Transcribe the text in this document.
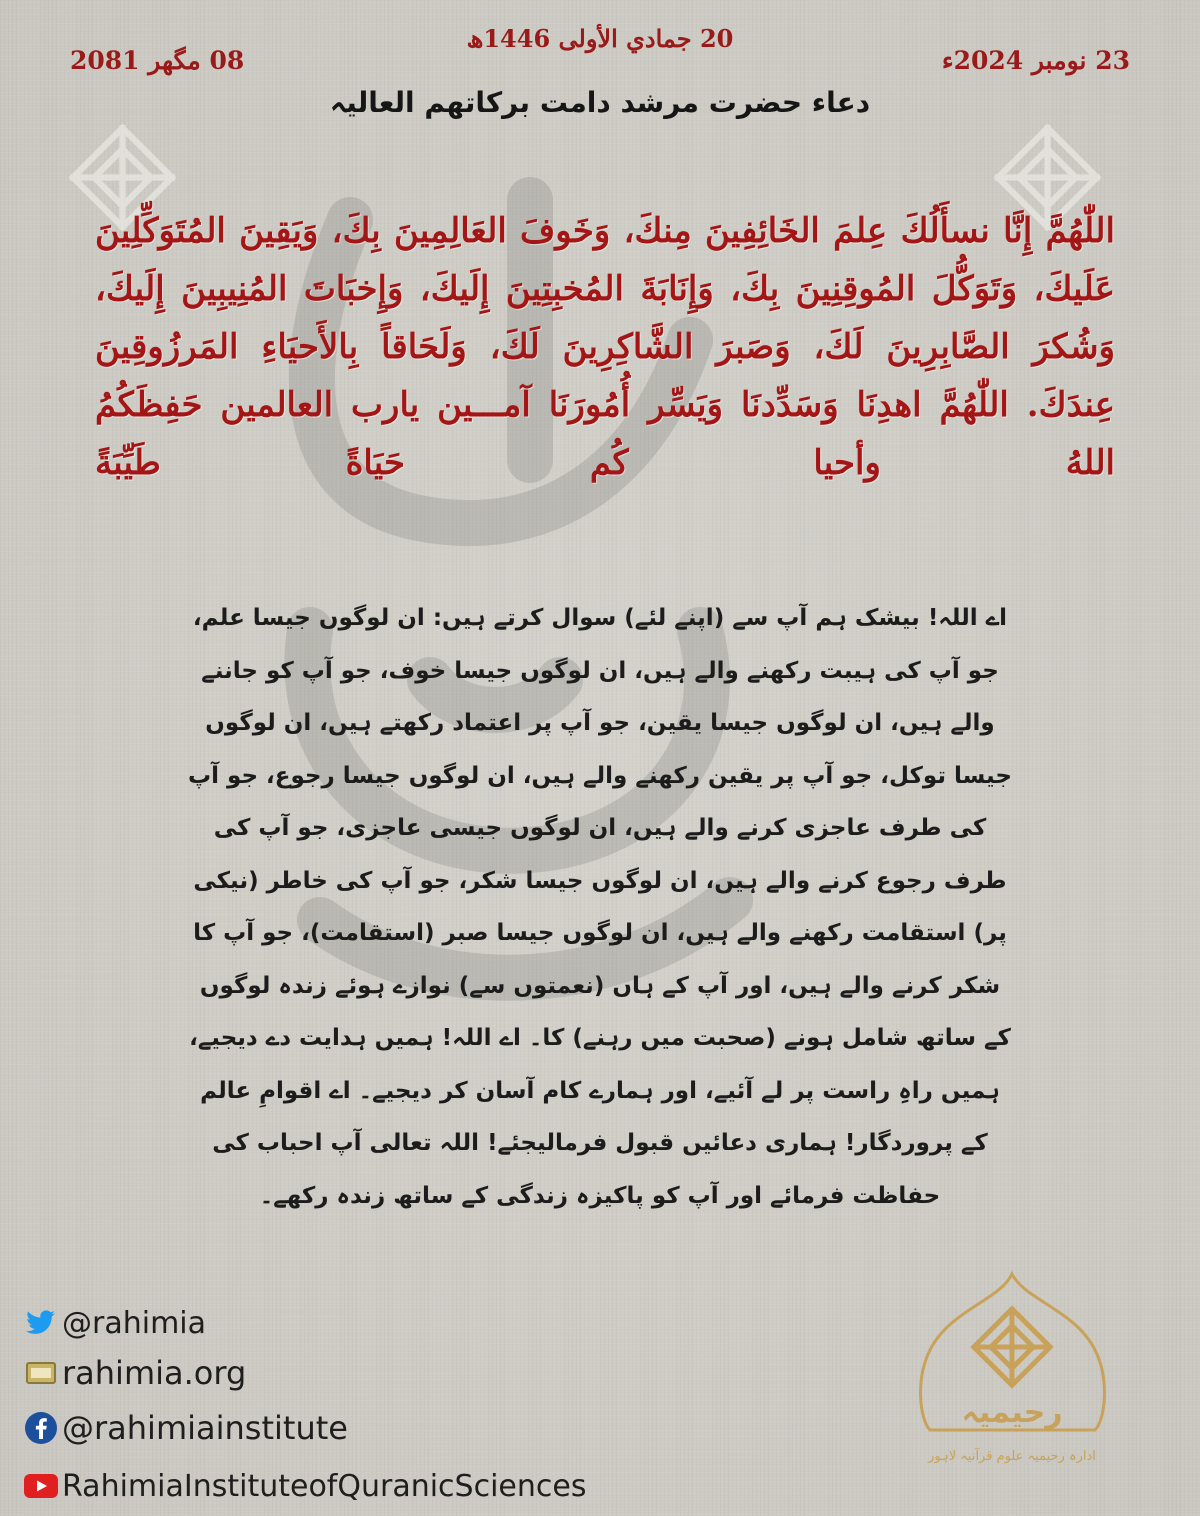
20 جمادي الأولى 1446ھ
23 نومبر 2024ء
08 مگھر 2081
دعاء حضرت مرشد دامت برکاتھم العالیہ
اللّٰهُمَّ إِنَّا نسأَلُكَ عِلمَ الخَائِفِينَ مِنكَ، وَخَوفَ العَالِمِينَ بِكَ، وَيَقِينَ المُتَوَكِّلِينَ عَلَيكَ، وَتَوَكُّلَ المُوقِنِينَ بِكَ، وَإِنَابَةَ المُخبِتِينَ إِلَيكَ، وَإِخبَاتَ المُنِيبِينَ إِلَيكَ، وَشُكرَ الصَّابِرِينَ لَكَ، وَصَبرَ الشَّاكِرِينَ لَكَ، وَلَحَاقاً بِالأَحيَاءِ المَرزُوقِينَ عِندَكَ. اللّٰهُمَّ اهدِنَا وَسَدِّدنَا وَيَسِّر أُمُورَنَا آمـــين يارب العالمين حَفِظَكُمُ اللهُ وأحيا كُم حَيَاةً طَيِّبَةً
اے اللہ! بیشک ہم آپ سے (اپنے لئے) سوال کرتے ہیں: ان لوگوں جیسا علم، جو آپ کی ہیبت رکھنے والے ہیں، ان لوگوں جیسا خوف، جو آپ کو جاننے والے ہیں، ان لوگوں جیسا یقین، جو آپ پر اعتماد رکھتے ہیں، ان لوگوں جیسا توکل، جو آپ پر یقین رکھنے والے ہیں، ان لوگوں جیسا رجوع، جو آپ کی طرف عاجزی کرنے والے ہیں، ان لوگوں جیسی عاجزی، جو آپ کی طرف رجوع کرنے والے ہیں، ان لوگوں جیسا شکر، جو آپ کی خاطر (نیکی پر) استقامت رکھنے والے ہیں، ان لوگوں جیسا صبر (استقامت)، جو آپ کا شکر کرنے والے ہیں، اور آپ کے ہاں (نعمتوں سے) نوازے ہوئے زندہ لوگوں کے ساتھ شامل ہونے (صحبت میں رہنے) کا۔ اے اللہ! ہمیں ہدایت دے دیجیے، ہمیں راہِ راست پر لے آئیے، اور ہمارے کام آسان کر دیجیے۔ اے اقوامِ عالم کے پروردگار! ہماری دعائیں قبول فرمالیجئے! اللہ تعالی آپ احباب کی حفاظت فرمائے اور آپ کو پاکیزہ زندگی کے ساتھ زندہ رکھے۔
@rahimia
rahimia.org
@rahimiainstitute
RahimiaInstituteofQuranicSciences
رحیمیہ
ادارہ رحیمیہ علوم قرآنیہ لاہور
